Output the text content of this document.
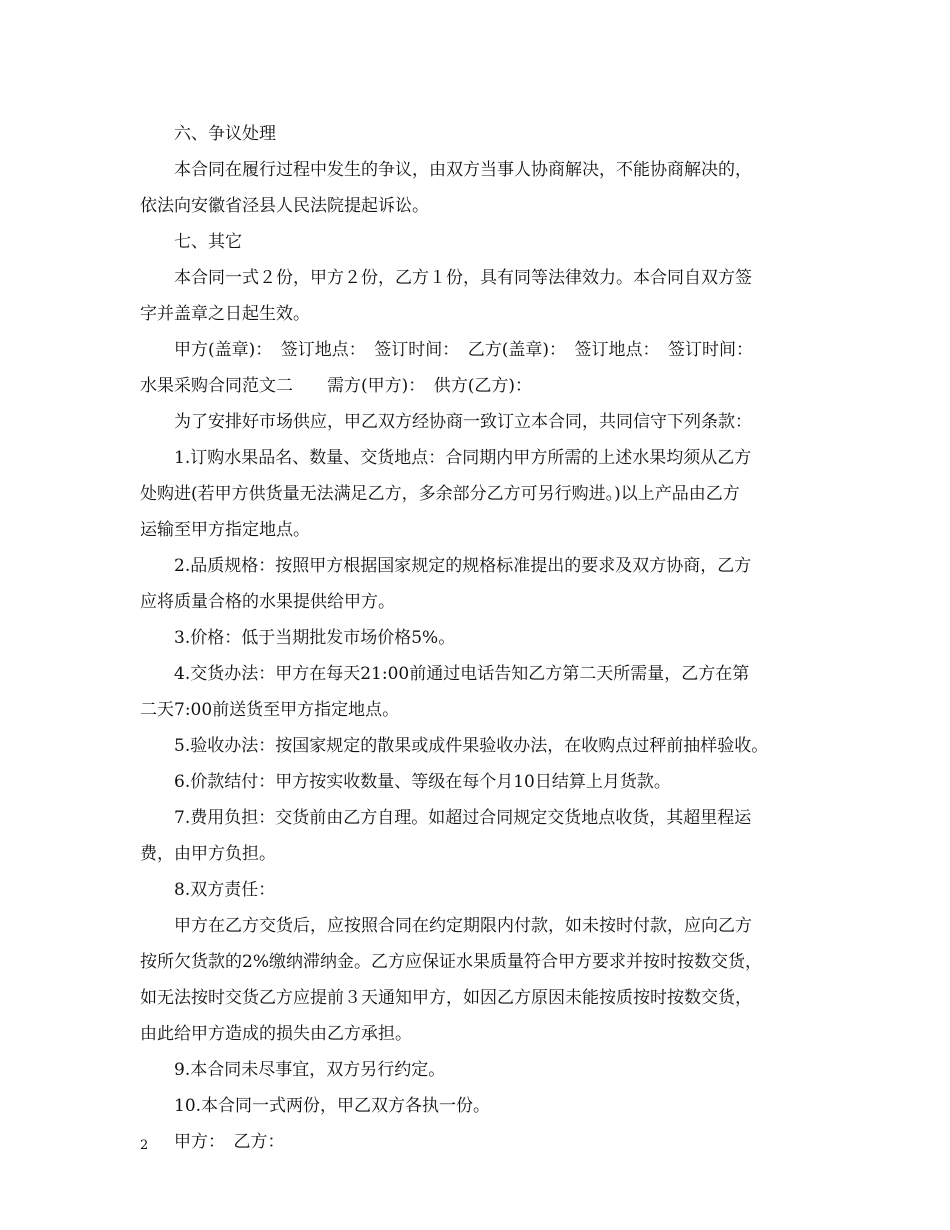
六、争议处理
本合同在履行过程中发生的争议，由双方当事人协商解决，不能协商解决的，
依法向安徽省泾县人民法院提起诉讼。
七、其它
本合同一式２份，甲方２份，乙方１份，具有同等法律效力。本合同自双方签
字并盖章之日起生效。
甲方(盖章)：　签订地点：　签订时间：　乙方(盖章)：　签订地点：　签订时间：
水果采购合同范文二 需方(甲方)：　供方(乙方)：
为了安排好市场供应，甲乙双方经协商一致订立本合同，共同信守下列条款：
1.订购水果品名、数量、交货地点：合同期内甲方所需的上述水果均须从乙方
处购进(若甲方供货量无法满足乙方，多余部分乙方可另行购进。)以上产品由乙方
运输至甲方指定地点。
2.品质规格：按照甲方根据国家规定的规格标准提出的要求及双方协商，乙方
应将质量合格的水果提供给甲方。
3.价格：低于当期批发市场价格5%。
4.交货办法：甲方在每天21:00前通过电话告知乙方第二天所需量，乙方在第
二天7:00前送货至甲方指定地点。
5.验收办法：按国家规定的散果或成件果验收办法，在收购点过秤前抽样验收。
6.价款结付：甲方按实收数量、等级在每个月10日结算上月货款。
7.费用负担：交货前由乙方自理。如超过合同规定交货地点收货，其超里程运
费，由甲方负担。
8.双方责任：
甲方在乙方交货后，应按照合同在约定期限内付款，如未按时付款，应向乙方
按所欠货款的2%缴纳滞纳金。乙方应保证水果质量符合甲方要求并按时按数交货，
如无法按时交货乙方应提前３天通知甲方，如因乙方原因未能按质按时按数交货，
由此给甲方造成的损失由乙方承担。
9.本合同未尽事宜，双方另行约定。
10.本合同一式两份，甲乙双方各执一份。
甲方：　乙方：
2
